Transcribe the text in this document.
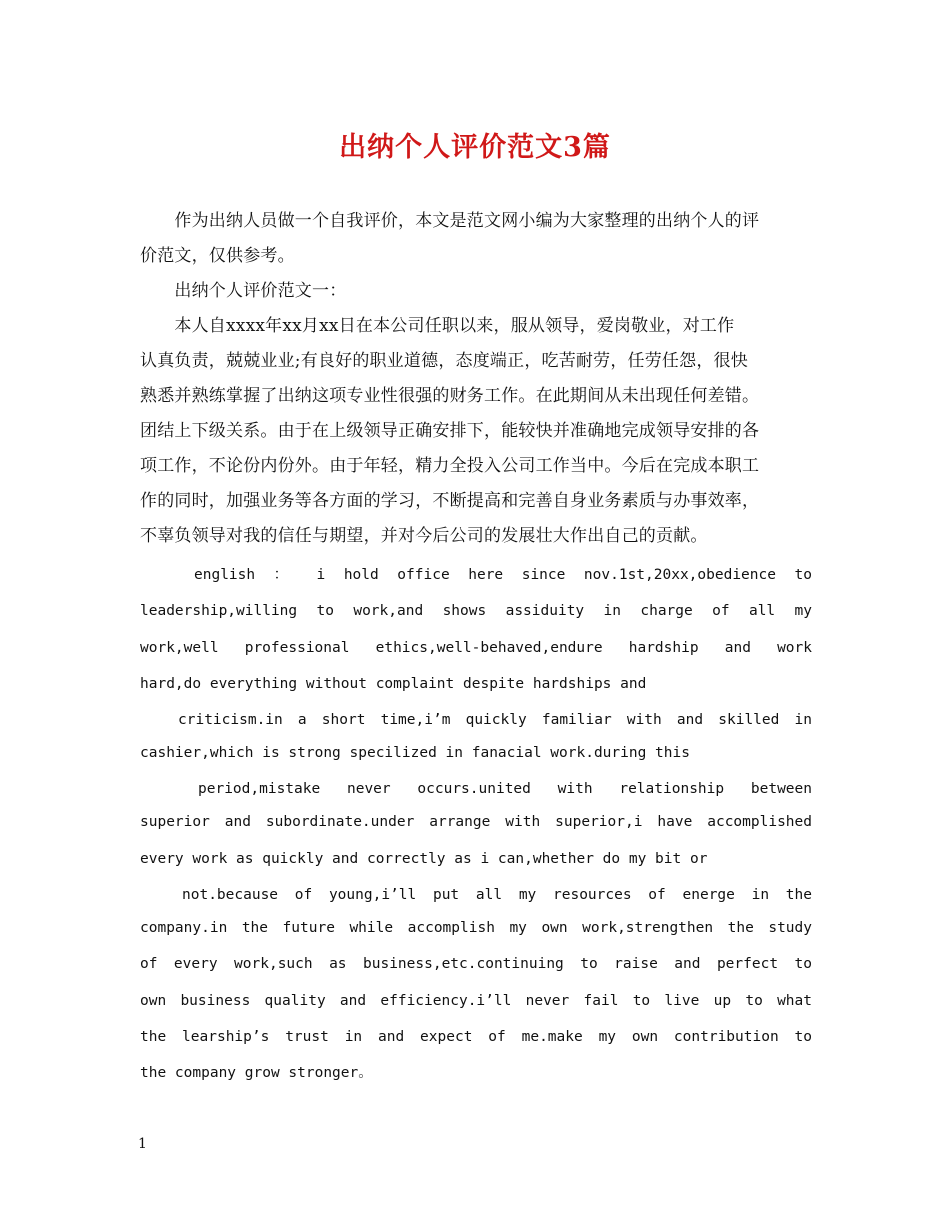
出纳个人评价范文3篇
　　作为出纳人员做一个自我评价，本文是范文网小编为大家整理的出纳个人的评
价范文，仅供参考。
　　出纳个人评价范文一：
　　本人自xxxx年xx月xx日在本公司任职以来，服从领导，爱岗敬业，对工作
认真负责，兢兢业业;有良好的职业道德，态度端正，吃苦耐劳，任劳任怨，很快
熟悉并熟练掌握了出纳这项专业性很强的财务工作。在此期间从未出现任何差错。
团结上下级关系。由于在上级领导正确安排下，能较快并准确地完成领导安排的各
项工作，不论份内份外。由于年轻，精力全投入公司工作当中。今后在完成本职工
作的同时，加强业务等各方面的学习，不断提高和完善自身业务素质与办事效率，
不辜负领导对我的信任与期望，并对今后公司的发展壮大作出自己的贡献。
english ： i hold office here since nov.1st,20xx,obedience to
leadership,willing to work,and shows assiduity in charge of all my
work,well professional ethics,well-behaved,endure hardship and work
hard,do everything without complaint despite hardships and
criticism.in a short time,i’m quickly familiar with and skilled in
cashier,which is strong specilized in fanacial work.during this
period,mistake never occurs.united with relationship between
superior and subordinate.under arrange with superior,i have accomplished
every work as quickly and correctly as i can,whether do my bit or
not.because of young,i’ll put all my resources of energe in the
company.in the future while accomplish my own work,strengthen the study
of every work,such as business,etc.continuing to raise and perfect to
own business quality and efficiency.i’ll never fail to live up to what
the learship’s trust in and expect of me.make my own contribution to
the company grow stronger。
1
